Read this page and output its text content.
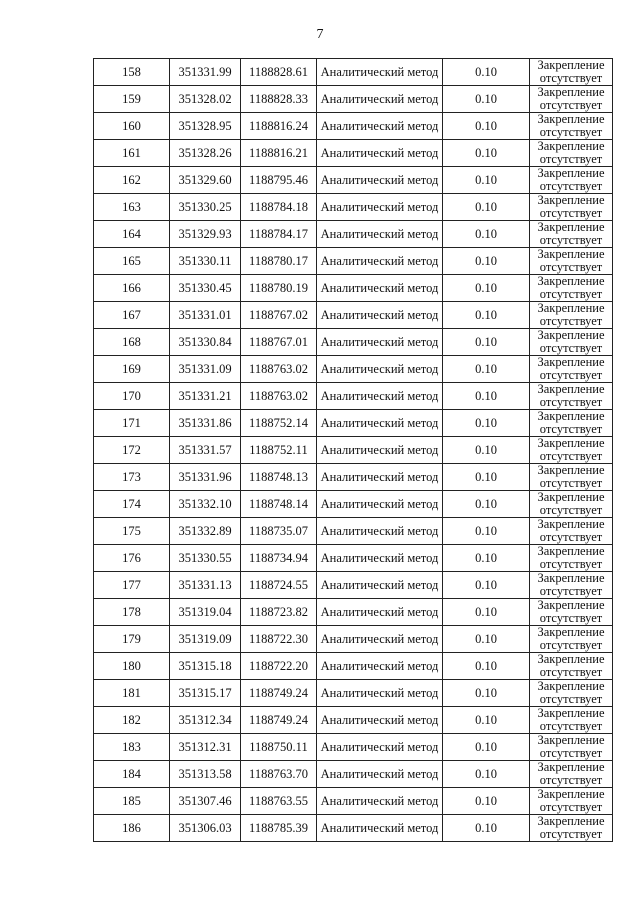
7
158	351331.99	1188828.61	Аналитический метод	0.10	Закрепление
отсутствует

159	351328.02	1188828.33	Аналитический метод	0.10	Закрепление
отсутствует

160	351328.95	1188816.24	Аналитический метод	0.10	Закрепление
отсутствует

161	351328.26	1188816.21	Аналитический метод	0.10	Закрепление
отсутствует

162	351329.60	1188795.46	Аналитический метод	0.10	Закрепление
отсутствует

163	351330.25	1188784.18	Аналитический метод	0.10	Закрепление
отсутствует

164	351329.93	1188784.17	Аналитический метод	0.10	Закрепление
отсутствует

165	351330.11	1188780.17	Аналитический метод	0.10	Закрепление
отсутствует

166	351330.45	1188780.19	Аналитический метод	0.10	Закрепление
отсутствует

167	351331.01	1188767.02	Аналитический метод	0.10	Закрепление
отсутствует

168	351330.84	1188767.01	Аналитический метод	0.10	Закрепление
отсутствует

169	351331.09	1188763.02	Аналитический метод	0.10	Закрепление
отсутствует

170	351331.21	1188763.02	Аналитический метод	0.10	Закрепление
отсутствует

171	351331.86	1188752.14	Аналитический метод	0.10	Закрепление
отсутствует

172	351331.57	1188752.11	Аналитический метод	0.10	Закрепление
отсутствует

173	351331.96	1188748.13	Аналитический метод	0.10	Закрепление
отсутствует

174	351332.10	1188748.14	Аналитический метод	0.10	Закрепление
отсутствует

175	351332.89	1188735.07	Аналитический метод	0.10	Закрепление
отсутствует

176	351330.55	1188734.94	Аналитический метод	0.10	Закрепление
отсутствует

177	351331.13	1188724.55	Аналитический метод	0.10	Закрепление
отсутствует

178	351319.04	1188723.82	Аналитический метод	0.10	Закрепление
отсутствует

179	351319.09	1188722.30	Аналитический метод	0.10	Закрепление
отсутствует

180	351315.18	1188722.20	Аналитический метод	0.10	Закрепление
отсутствует

181	351315.17	1188749.24	Аналитический метод	0.10	Закрепление
отсутствует

182	351312.34	1188749.24	Аналитический метод	0.10	Закрепление
отсутствует

183	351312.31	1188750.11	Аналитический метод	0.10	Закрепление
отсутствует

184	351313.58	1188763.70	Аналитический метод	0.10	Закрепление
отсутствует

185	351307.46	1188763.55	Аналитический метод	0.10	Закрепление
отсутствует

186	351306.03	1188785.39	Аналитический метод	0.10	Закрепление
отсутствует
